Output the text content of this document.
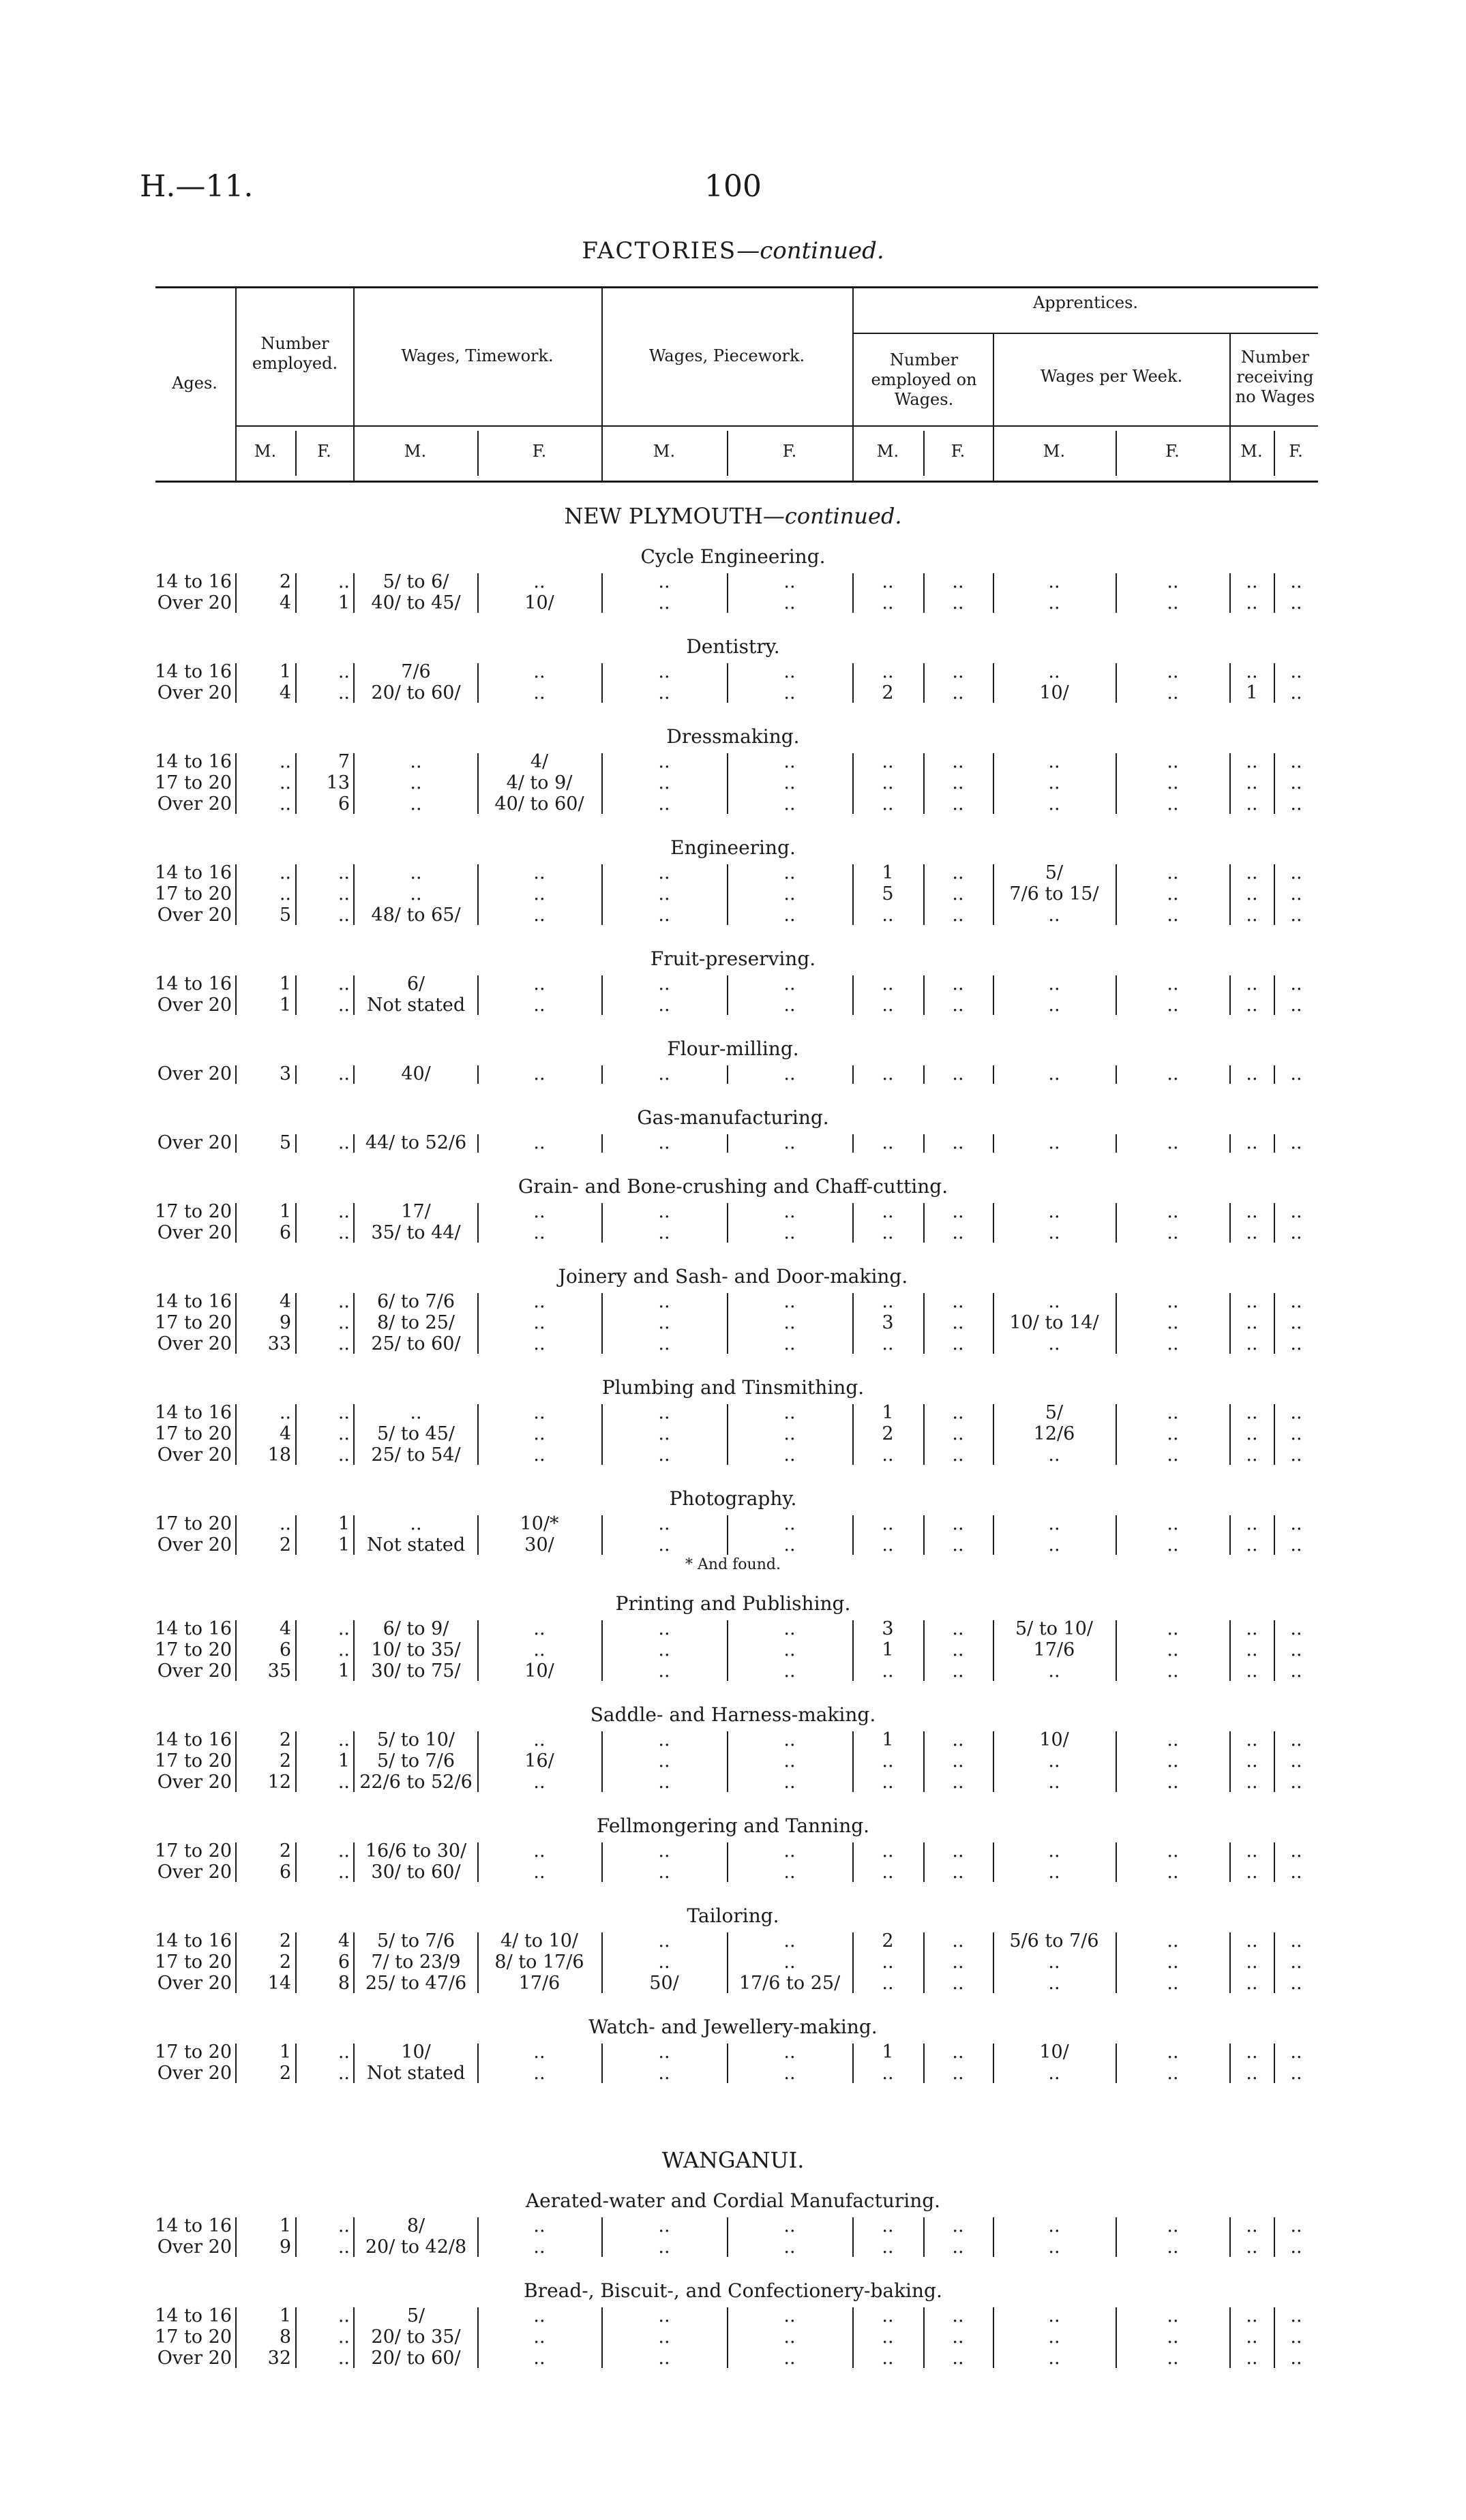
H.—11.	100
FACTORIES—continued.
Ages.
Number employed.	Wages, Timework.	Wages, Piecework.
Apprentices.
Number employed on Wages.
Wages per Week.
Number receiving no Wages
M.	F.	M.	F.	M.	F.	M.	F.	M.	F.	M.	F.
NEW PLYMOUTH—continued.
Cycle Engineering.
14 to 16	2	..	5/ to 6/	..	..	..	..	..	..	..	..	..
Over 20	4	1	40/ to 45/	10/	..	..	..	..	..	..	..	..
Dentistry.
14 to 16	1	..	7/6	..	..	..	..	..	..	..	..	..
Over 20	4	..	20/ to 60/	..	..	..	2	..	10/	..	1	..
Dressmaking.
14 to 16	..	7	..	4/	..	..	..	..	..	..	..	..
17 to 20	..	13	..	4/ to 9/	..	..	..	..	..	..	..	..
Over 20	..	6	..	40/ to 60/	..	..	..	..	..	..	..	..
Engineering.
14 to 16	..	..	..	..	..	..	1	..	5/	..	..	..
17 to 20	..	..	..	..	..	..	5	..	7/6 to 15/	..	..	..
Over 20	5	..	48/ to 65/	..	..	..	..	..	..	..	..	..
Fruit-preserving.
14 to 16	1	..	6/	..	..	..	..	..	..	..	..	..
Over 20	1	.. Not stated	..	..	..	..	..	..	..	..	..
Flour-milling.
Over 20	3	..	40/	..	..	..	..	..	..	..	..	..
Gas-manufacturing.
Over 20	5	.. 44/ to 52/6	..	..	..	..	..	..	..	..	..
Grain- and Bone-crushing and Chaff-cutting.
17 to 20	1	..	17/	..	..	..	..	..	..	..	..	..
Over 20	6	..	35/ to 44/	..	..	..	..	..	..	..	..	..
Joinery and Sash- and Door-making.
14 to 16	4	..	6/ to 7/6	..	..	..	..	..	..	..	..	..
17 to 20	9	..	8/ to 25/	..	..	..	3	..	10/ to 14/	..	..	..
Over 20	33	..	25/ to 60/	..	..	..	..	..	..	..	..	..
Plumbing and Tinsmithing.
14 to 16	..	..	..	..	..	..	1	..	5/	..	..	..
17 to 20	4	..	5/ to 45/	..	..	..	2	..	12/6	..	..	..
Over 20	18	..	25/ to 54/	..	..	..	..	..	..	..	..	..
Photography.
17 to 20	..	1	..	10/*	..	..	..	..	..	..	..	..
Over 20	2	1 Not stated	30/	..	..	..	..	..	..	..	..
* And found.
Printing and Publishing.
14 to 16	4	..	6/ to 9/	..	..	..	3	..	5/ to 10/	..	..	..
17 to 20	6	..	10/ to 35/	..	..	..	1	..	17/6	..	..	..
Over 20	35	1	30/ to 75/	10/	..	..	..	..	..	..	..	..
Saddle- and Harness-making.
14 to 16	2	..	5/ to 10/	..	..	..	1	..	10/	..	..	..
17 to 20	2	1	5/ to 7/6	16/	..	..	..	..	..	..	..	..
Over 20	12	.. 22/6 to 52/6	..	..	..	..	..	..	..	..	..
Fellmongering and Tanning.
17 to 20	2	.. 16/6 to 30/	..	..	..	..	..	..	..	..	..
Over 20	6	..	30/ to 60/	..	..	..	..	..	..	..	..	..
Tailoring.
14 to 16	2	4	5/ to 7/6	4/ to 10/	..	..	2	..	5/6 to 7/6	..	..	..
17 to 20	2	6	7/ to 23/9	8/ to 17/6	..	..	..	..	..	..	..	..
Over 20	14	8 25/ to 47/6	17/6	50/	17/6 to 25/	..	..	..	..	..	..
Watch- and Jewellery-making.
17 to 20	1	..	10/	..	..	..	1	..	10/	..	..	..
Over 20	2	.. Not stated	..	..	..	..	..	..	..	..	..
WANGANUI.
Aerated-water and Cordial Manufacturing.
14 to 16	1	..	8/	..	..	..	..	..	..	..	..	..
Over 20	9	.. 20/ to 42/8	..	..	..	..	..	..	..	..	..
Bread-, Biscuit-, and Confectionery-baking.
14 to 16	1	..	5/	..	..	..	..	..	..	..	..	..
17 to 20	8	..	20/ to 35/	..	..	..	..	..	..	..	..	..
Over 20	32	..	20/ to 60/	..	..	..	..	..	..	..	..	..
